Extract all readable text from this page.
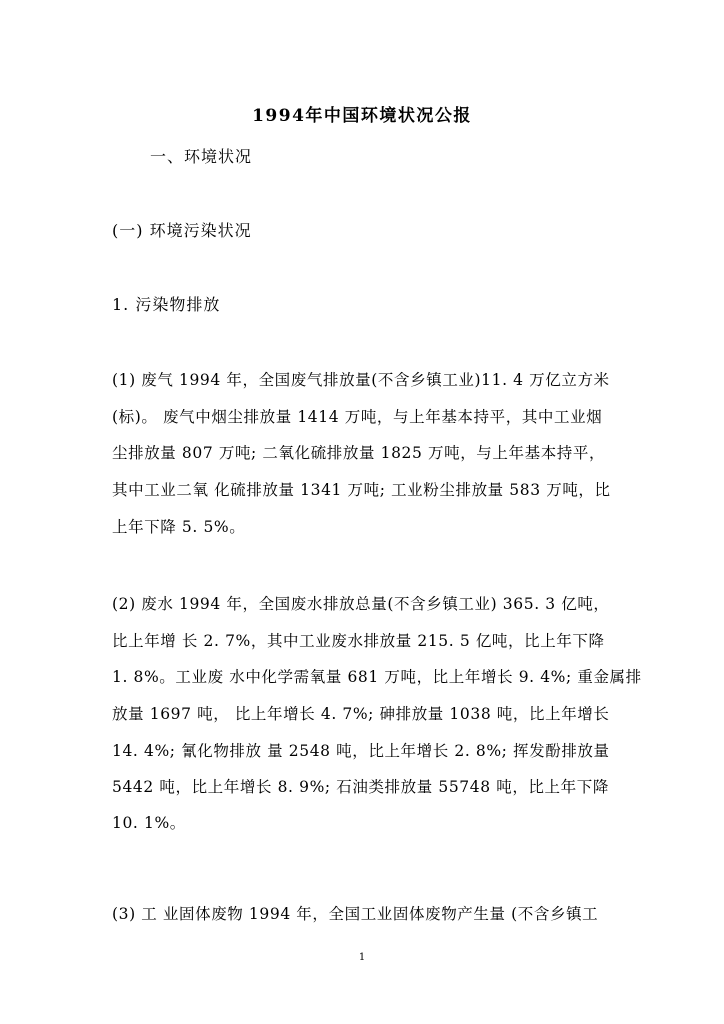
1994年中国环境状况公报
一、环境状况
(一) 环境污染状况
1. 污染物排放
(1) 废气 1994 年，全国废气排放量(不含乡镇工业)11. 4 万亿立方米
(标)。 废气中烟尘排放量 1414 万吨，与上年基本持平，其中工业烟
尘排放量 807 万吨; 二氧化硫排放量 1825 万吨，与上年基本持平，
其中工业二氧 化硫排放量 1341 万吨; 工业粉尘排放量 583 万吨，比
上年下降 5. 5%。
(2) 废水 1994 年，全国废水排放总量(不含乡镇工业) 365. 3 亿吨，
比上年增 长 2. 7%，其中工业废水排放量 215. 5 亿吨，比上年下降
1. 8%。工业废 水中化学需氧量 681 万吨，比上年增长 9. 4%; 重金属排
放量 1697 吨， 比上年增长 4. 7%; 砷排放量 1038 吨，比上年增长
14. 4%; 氰化物排放 量 2548 吨，比上年增长 2. 8%; 挥发酚排放量
5442 吨，比上年增长 8. 9%; 石油类排放量 55748 吨，比上年下降
10. 1%。
(3) 工 业固体废物 1994 年，全国工业固体废物产生量 (不含乡镇工
1
